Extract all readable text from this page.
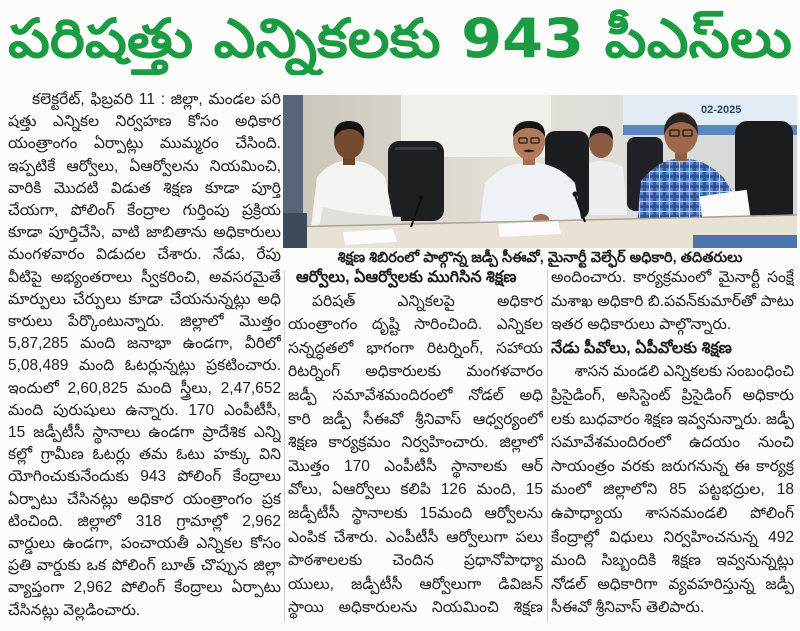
పరిషత్తు ఎన్నికలకు 943 పీఎస్‌లు
కలెక్టరేట్, ఫిబ్రవరి 11 : జిల్లా, మండల పరి
షత్తు ఎన్నికల నిర్వహణ కోసం అధికార
యంత్రాంగం ఏర్పాట్లు ముమ్మరం చేసింది.
ఇప్పటికే ఆర్వోలు, ఏఆర్వోలను నియమించి,
వారికి మొదటి విడుత శిక్షణ కూడా పూర్తి
చేయగా, పోలింగ్ కేంద్రాల గుర్తింపు ప్రక్రియ
కూడా పూర్తిచేసి, వాటి జాబితాను అధికారులు
మంగళవారం విడుదల చేశారు. నేడు, రేపు
వీటిపై అభ్యంతరాలు స్వీకరించి, అవసరమైతే
మార్పులు చేర్పులు కూడా చేయనున్నట్లు అధి
కారులు పేర్కొంటున్నారు. జిల్లాలో మొత్తం
5,87,285 మంది జనాభా ఉండగా, వీరిలో
5,08,489 మంది ఓటర్లున్నట్లు ప్రకటించారు.
ఇందులో 2,60,825 మంది స్త్రీలు, 2,47,652
మంది పురుషులు ఉన్నారు. 170 ఎంపీటీసీ,
15 జడ్పీటీసీ స్థానాలు ఉండగా ప్రాదేశిక ఎన్ని
కల్లో గ్రామీణ ఓటర్లు తమ ఓటు హక్కు విని
యోగించుకునేందుకు 943 పోలింగ్ కేంద్రాలు
ఏర్పాటు చేసినట్లు అధికార యంత్రాంగం ప్రక
టించింది. జిల్లాలో 318 గ్రామాల్లో 2,962
వార్డులు ఉండగా, పంచాయతీ ఎన్నికల కోసం
ప్రతి వార్డుకు ఒక పోలింగ్ బూత్ చొప్పున జిల్లా
వ్యాప్తంగా 2,962 పోలింగ్ కేంద్రాలు ఏర్పాటు
చేసినట్లు వెల్లడించారు.
02-2025
శిక్షణ శిబిరంలో పాల్గొన్న జడ్పీ సీఈవో, మైనార్టీ వెల్ఫేర్ అధికారి, తదితరులు
ఆర్వోలు, ఏఆర్వోలకు ముగిసిన శిక్షణ
పరిషత్ ఎన్నికలపై అధికార
యంత్రాంగం దృష్టి సారించింది. ఎన్నికల
సన్నద్ధతలో భాగంగా రిటర్నింగ్, సహాయ
రిటర్నింగ్ అధికారులకు మంగళవారం
జడ్పీ సమావేశమందిరంలో నోడల్ అధి
కారి జడ్పీ సీఈవో శ్రీనివాస్ ఆధ్వర్యంలో
శిక్షణ కార్యక్రమం నిర్వహించారు. జిల్లాలో
మొత్తం 170 ఎంపీటీసీ స్థానాలకు ఆర్
వోలు, ఏఆర్వోలు కలిపి 126 మంది, 15
జడ్పీటీసీ స్థానాలకు 15మంది ఆర్వోలను
ఎంపిక చేశారు. ఎంపీటీసీ ఆర్వోలుగా పలు
పాఠశాలలకు చెందిన ప్రధానోపాధ్యా
యులు, జడ్పీటీసీ ఆర్వోలుగా డివిజన్
స్థాయి అధికారులను నియమించి శిక్షణ
అందించారు. కార్యక్రమంలో మైనార్టీ సంక్షే
మశాఖ అధికారి బి.పవన్‌కుమార్‌తో పాటు
ఇతర అధికారులు పాల్గొన్నారు.
నేడు పీవోలు, ఏపీవోలకు శిక్షణ
శాసన మండలి ఎన్నికలకు సంబంధించి
ప్రిసైడింగ్, అసిస్టెంట్ ప్రిసైడింగ్ అధికారు
లకు బుధవారం శిక్షణ ఇవ్వనున్నారు. జడ్పీ
సమావేశమందిరంలో ఉదయం నుంచి
సాయంత్రం వరకు జరుగనున్న ఈ కార్యక్ర
మంలో జిల్లాలోని 85 పట్టభద్రుల, 18
ఉపాధ్యాయ శాసనమండలి పోలింగ్
కేంద్రాల్లో విధులు నిర్వహించనున్న 492
మంది సిబ్బందికి శిక్షణ ఇవ్వనున్నట్లు
నోడల్ అధికారిగా వ్యవహరిస్తున్న జడ్పీ
సీఈవో శ్రీనివాస్ తెలిపారు.
